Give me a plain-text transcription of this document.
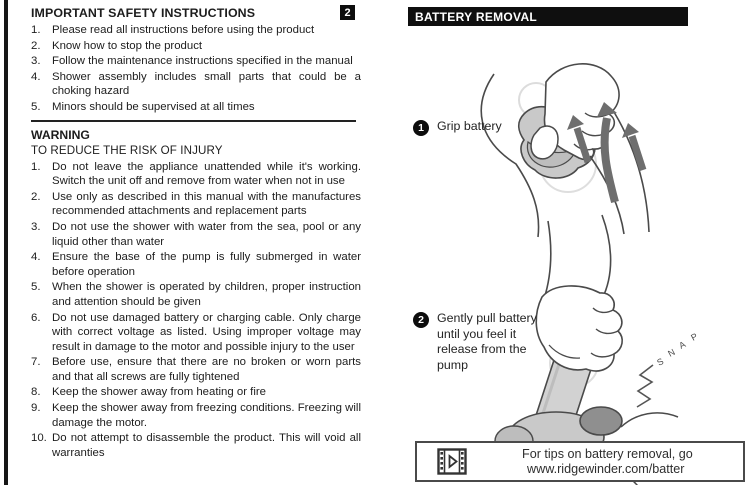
IMPORTANT SAFETY INSTRUCTIONS	2
1.	Please read all instructions before using the product
2.	Know how to stop the product
3.	Follow the maintenance instructions specified in the manual
4.	Shower assembly includes small parts that could be a choking hazard
5.	Minors should be supervised at all times
WARNING
TO REDUCE THE RISK OF INJURY
1.	Do not leave the appliance unattended while it's working. Switch the unit off and remove from water when not in use
2.	Use only as described in this manual with the manufactures recommended attachments and replacement parts
3.	Do not use the shower with water from the sea, pool or any liquid other than water
4.	Ensure the base of the pump is fully submerged in water before operation
5.	When the shower is operated by children, proper instruction and attention should be given
6.	Do not use damaged battery or charging cable. Only charge with correct voltage as listed. Using improper voltage may result in damage to the motor and possible injury to the user
7.	Before use, ensure that there are no broken or worn parts and that all screws are fully tightened
8.	Keep the shower away from heating or fire
9.	Keep the shower away from freezing conditions. Freezing will damage the motor.
10. Do not attempt to disassemble the product. This will void all warranties
BATTERY REMOVAL
1	Grip battery
S
N
A
P
2	Gently pull battery until you feel it release from the pump
For tips on battery removal, go
www.ridgewinder.com/batter
